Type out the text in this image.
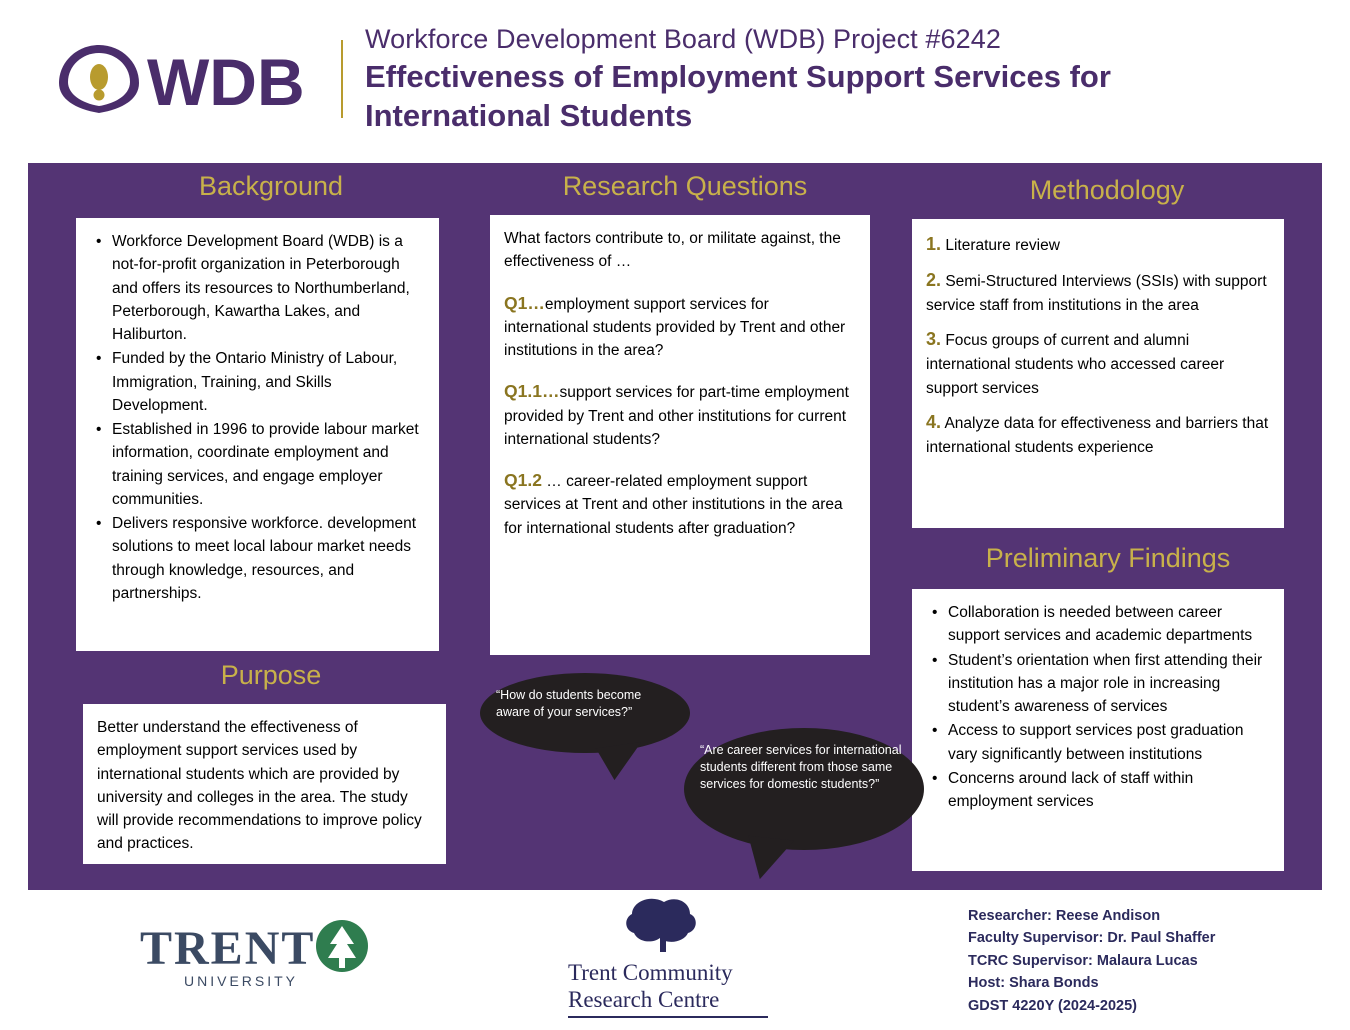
WDB
Workforce Development Board (WDB) Project #6242
Effectiveness of Employment Support Services for International Students
Background
• Workforce Development Board (WDB) is a not-for-profit organization in Peterborough and offers its resources to Northumberland, Peterborough, Kawartha Lakes, and Haliburton.
• Funded by the Ontario Ministry of Labour, Immigration, Training, and Skills Development.
• Established in 1996 to provide labour market information, coordinate employment and training services, and engage employer communities.
• Delivers responsive workforce. development solutions to meet local labour market needs through knowledge, resources, and partnerships.
Purpose
Better understand the effectiveness of employment support services used by international students which are provided by university and colleges in the area. The study will provide recommendations to improve policy and practices.
Research Questions
What factors contribute to, or militate against, the effectiveness of …
Q1…employment support services for international students provided by Trent and other institutions in the area?
Q1.1…support services for part-time employment provided by Trent and other institutions for current international students?
Q1.2 … career-related employment support services at Trent and other institutions in the area for international students after graduation?
Methodology
1. Literature review
2. Semi-Structured Interviews (SSIs) with support service staff from institutions in the area
3. Focus groups of current and alumni international students who accessed career support services
4. Analyze data for effectiveness and barriers that international students experience
Preliminary Findings
• Collaboration is needed between career support services and academic departments
• Student’s orientation when first attending their institution has a major role in increasing student’s awareness of services
• Access to support services post graduation vary significantly between institutions
• Concerns around lack of staff within employment services
“How do students become aware of your services?”
“Are career services for international students different from those same services for domestic students?”
TRENT
UNIVERSITY	Trent Community
Research Centre
Researcher: Reese Andison
Faculty Supervisor: Dr. Paul Shaffer
TCRC Supervisor: Malaura Lucas
Host: Shara Bonds
GDST 4220Y (2024-2025)
